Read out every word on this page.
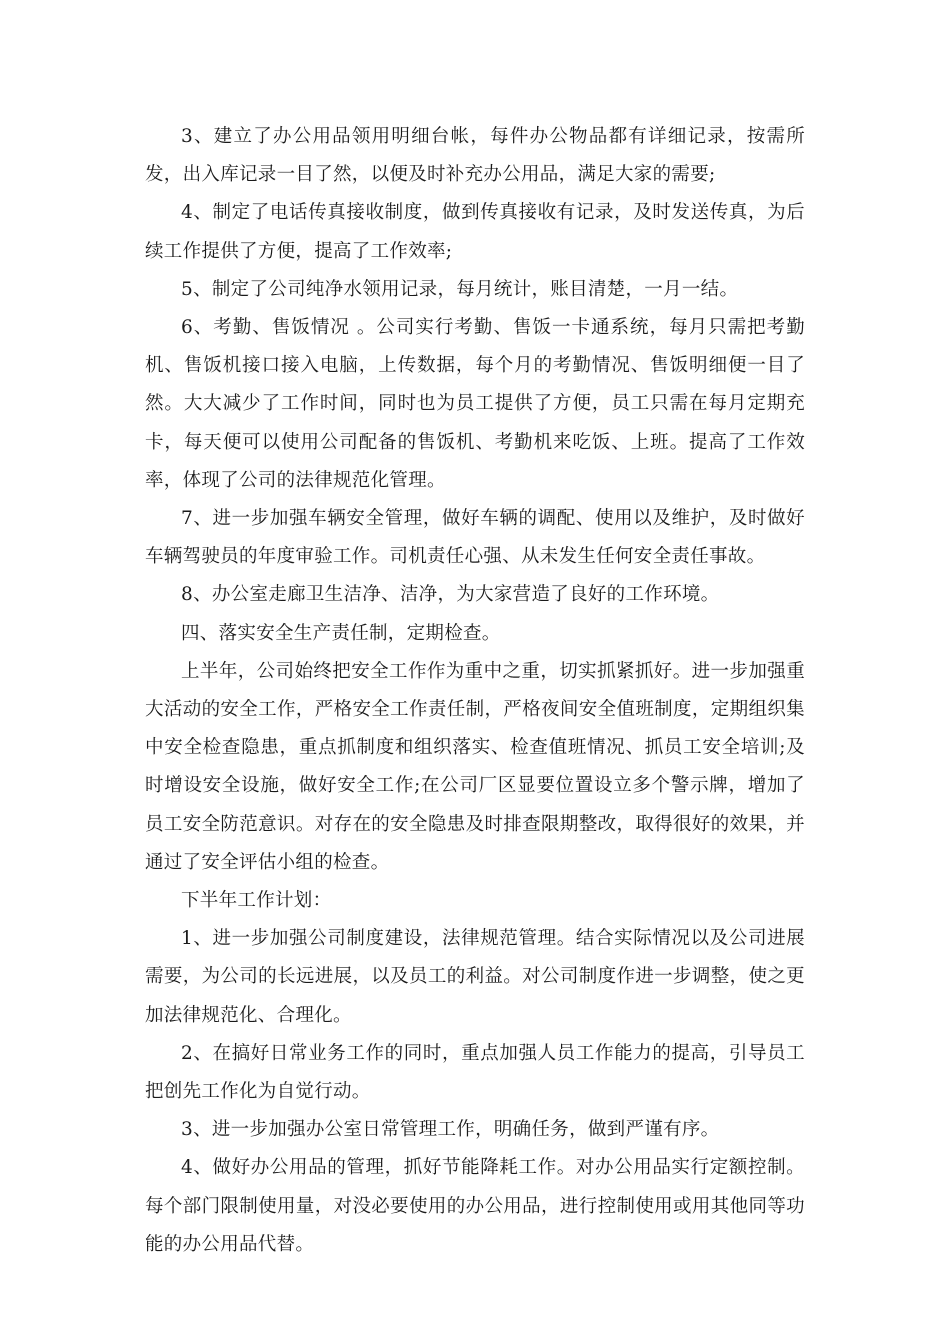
3、建立了办公用品领用明细台帐，每件办公物品都有详细记录，按需所发，出入库记录一目了然，以便及时补充办公用品，满足大家的需要;

4、制定了电话传真接收制度，做到传真接收有记录，及时发送传真，为后续工作提供了方便，提高了工作效率;

5、制定了公司纯净水领用记录，每月统计，账目清楚，一月一结。

6、考勤、售饭情况 。公司实行考勤、售饭一卡通系统，每月只需把考勤机、售饭机接口接入电脑，上传数据，每个月的考勤情况、售饭明细便一目了然。大大减少了工作时间，同时也为员工提供了方便，员工只需在每月定期充卡，每天便可以使用公司配备的售饭机、考勤机来吃饭、上班。提高了工作效率，体现了公司的法律规范化管理。

7、进一步加强车辆安全管理，做好车辆的调配、使用以及维护，及时做好车辆驾驶员的年度审验工作。司机责任心强、从未发生任何安全责任事故。

8、办公室走廊卫生洁净、洁净，为大家营造了良好的工作环境。

四、落实安全生产责任制，定期检查。

上半年，公司始终把安全工作作为重中之重，切实抓紧抓好。进一步加强重大活动的安全工作，严格安全工作责任制，严格夜间安全值班制度，定期组织集中安全检查隐患，重点抓制度和组织落实、检查值班情况、抓员工安全培训;及时增设安全设施，做好安全工作;在公司厂区显要位置设立多个警示牌，增加了员工安全防范意识。对存在的安全隐患及时排查限期整改，取得很好的效果，并通过了安全评估小组的检查。

下半年工作计划：

1、进一步加强公司制度建设，法律规范管理。结合实际情况以及公司进展需要，为公司的长远进展，以及员工的利益。对公司制度作进一步调整，使之更加法律规范化、合理化。

2、在搞好日常业务工作的同时，重点加强人员工作能力的提高，引导员工把创先工作化为自觉行动。

3、进一步加强办公室日常管理工作，明确任务，做到严谨有序。

4、做好办公用品的管理，抓好节能降耗工作。对办公用品实行定额控制。每个部门限制使用量，对没必要使用的办公用品，进行控制使用或用其他同等功能的办公用品代替。
